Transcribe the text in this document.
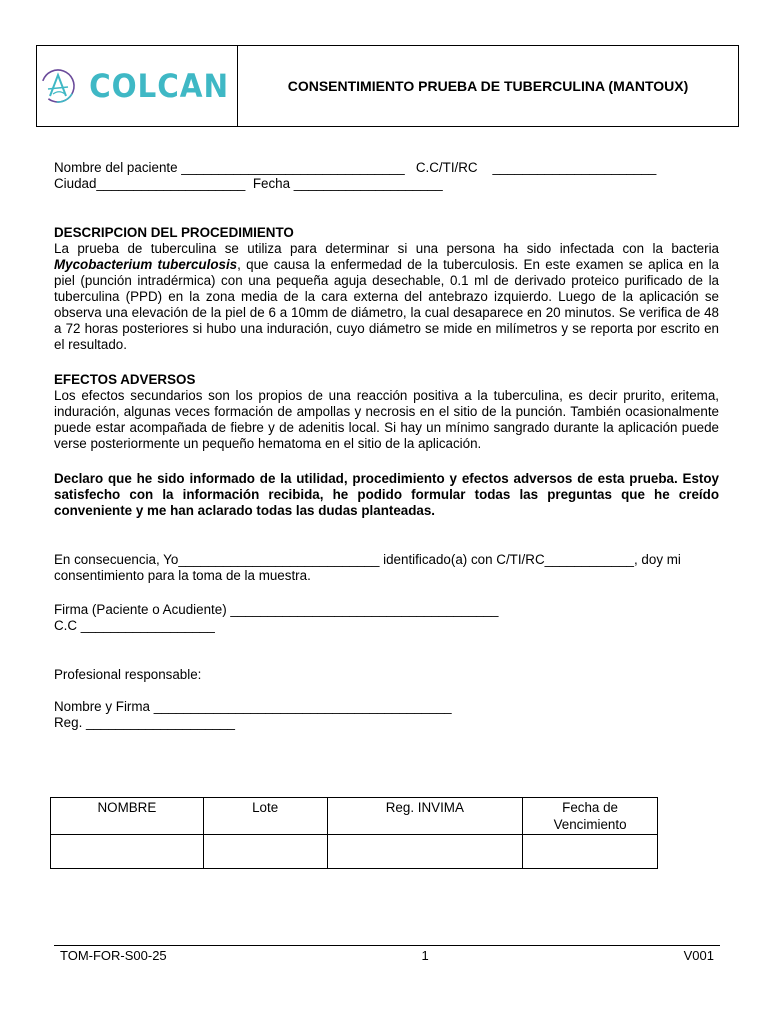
COLCAN	CONSENTIMIENTO PRUEBA DE TUBERCULINA (MANTOUX)
Nombre del paciente ______________________________   C.C/TI/RC    ______________________
Ciudad____________________  Fecha ____________________
DESCRIPCION DEL PROCEDIMIENTO
La prueba de tuberculina se utiliza para determinar si una persona ha sido infectada con la bacteria Mycobacterium tuberculosis, que causa la enfermedad de la tuberculosis. En este examen se aplica en la piel (punción intradérmica) con una pequeña aguja desechable, 0.1 ml de derivado proteico purificado de la tuberculina (PPD) en la zona media de la cara externa del antebrazo izquierdo. Luego de la aplicación se observa una elevación de la piel de 6 a 10mm de diámetro, la cual desaparece en 20 minutos. Se verifica de 48 a 72 horas posteriores si hubo una induración, cuyo diámetro se mide en milímetros y se reporta por escrito en el resultado.
EFECTOS ADVERSOS
Los efectos secundarios son los propios de una reacción positiva a la tuberculina, es decir prurito, eritema, induración, algunas veces formación de ampollas y necrosis en el sitio de la punción. También ocasionalmente puede estar acompañada de fiebre y de adenitis local. Si hay un mínimo sangrado durante la aplicación puede verse posteriormente un pequeño hematoma en el sitio de la aplicación.
Declaro que he sido informado de la utilidad, procedimiento y efectos adversos de esta prueba. Estoy satisfecho con la información recibida, he podido formular todas las preguntas que he creído conveniente y me han aclarado todas las dudas planteadas.
En consecuencia, Yo___________________________ identificado(a) con C/TI/RC____________, doy mi consentimiento para la toma de la muestra.
Firma (Paciente o Acudiente) ____________________________________
C.C __________________
Profesional responsable:
Nombre y Firma ________________________________________
Reg. ____________________
NOMBRE	Lote	Reg. INVIMA	Fecha de Vencimiento

TOM-FOR-S00-25	1	V001
